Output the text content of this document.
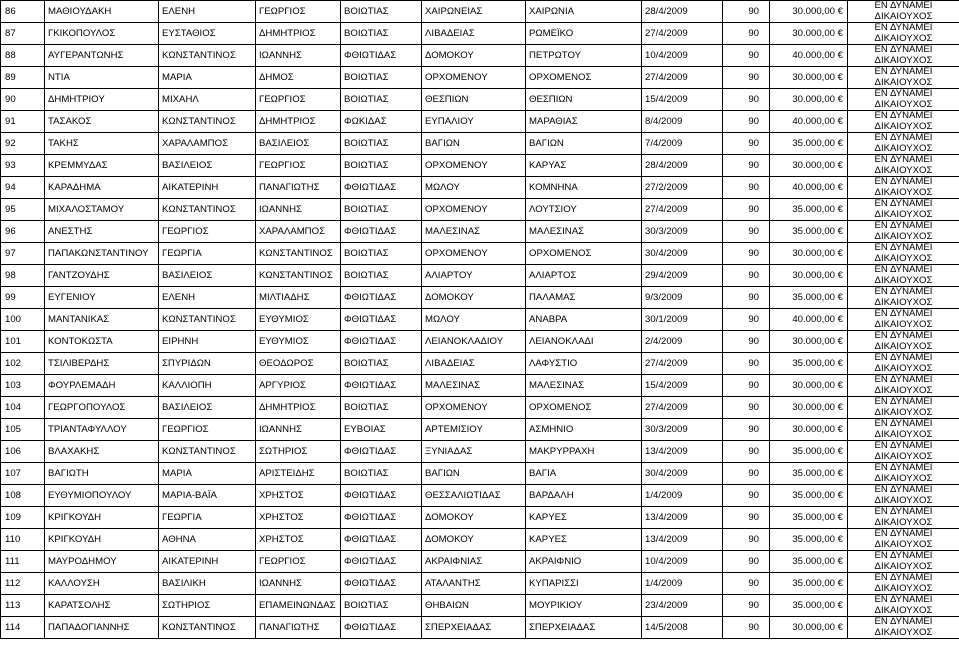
86	ΜΑΘΙΟΥΔΑΚΗ	ΕΛΕΝΗ	ΓΕΩΡΓΙΟΣ	ΒΟΙΩΤΙΑΣ	ΧΑΙΡΩΝΕΙΑΣ	ΧΑΙΡΩΝΙΑ	28/4/2009	90	30.000,00 €	ΕΝ ΔΥΝΑΜΕΙ
ΔΙΚΑΙΟΥΧΟΣ

87	ΓΚΙΚΟΠΟΥΛΟΣ	ΕΥΣΤΑΘΙΟΣ	ΔΗΜΗΤΡΙΟΣ	ΒΟΙΩΤΙΑΣ	ΛΙΒΑΔΕΙΑΣ	ΡΩΜΕΪΚΟ	27/4/2009	90	30.000,00 €	ΕΝ ΔΥΝΑΜΕΙ
ΔΙΚΑΙΟΥΧΟΣ

88	ΑΥΓΕΡΑΝΤΩΝΗΣ	ΚΩΝΣΤΑΝΤΙΝΟΣ	ΙΩΑΝΝΗΣ	ΦΘΙΩΤΙΔΑΣ	ΔΟΜΟΚΟΥ	ΠΕΤΡΩΤΟΥ	10/4/2009	90	40.000,00 €	ΕΝ ΔΥΝΑΜΕΙ
ΔΙΚΑΙΟΥΧΟΣ

89	ΝΤΙΑ	ΜΑΡΙΑ	ΔΗΜΟΣ	ΒΟΙΩΤΙΑΣ	ΟΡΧΟΜΕΝΟΥ	ΟΡΧΟΜΕΝΟΣ	27/4/2009	90	30.000,00 €	ΕΝ ΔΥΝΑΜΕΙ
ΔΙΚΑΙΟΥΧΟΣ

90	ΔΗΜΗΤΡΙΟΥ	ΜΙΧΑΗΛ	ΓΕΩΡΓΙΟΣ	ΒΟΙΩΤΙΑΣ	ΘΕΣΠΙΩΝ	ΘΕΣΠΙΩΝ	15/4/2009	90	30.000,00 €	ΕΝ ΔΥΝΑΜΕΙ
ΔΙΚΑΙΟΥΧΟΣ

91	ΤΑΣΑΚΟΣ	ΚΩΝΣΤΑΝΤΙΝΟΣ	ΔΗΜΗΤΡΙΟΣ	ΦΩΚΙΔΑΣ	ΕΥΠΑΛΙΟΥ	ΜΑΡΑΘΙΑΣ	8/4/2009	90	40.000,00 €	ΕΝ ΔΥΝΑΜΕΙ
ΔΙΚΑΙΟΥΧΟΣ

92	ΤΑΚΗΣ	ΧΑΡΑΛΑΜΠΟΣ	ΒΑΣΙΛΕΙΟΣ	ΒΟΙΩΤΙΑΣ	ΒΑΓΙΩΝ	ΒΑΓΙΩΝ	7/4/2009	90	35.000,00 €	ΕΝ ΔΥΝΑΜΕΙ
ΔΙΚΑΙΟΥΧΟΣ

93	ΚΡΕΜΜΥΔΑΣ	ΒΑΣΙΛΕΙΟΣ	ΓΕΩΡΓΙΟΣ	ΒΟΙΩΤΙΑΣ	ΟΡΧΟΜΕΝΟΥ	ΚΑΡΥΑΣ	28/4/2009	90	30.000,00 €	ΕΝ ΔΥΝΑΜΕΙ
ΔΙΚΑΙΟΥΧΟΣ

94	ΚΑΡΑΔΗΜΑ	ΑΙΚΑΤΕΡΙΝΗ	ΠΑΝΑΓΙΩΤΗΣ	ΦΘΙΩΤΙΔΑΣ	ΜΩΛΟΥ	ΚΟΜΝΗΝΑ	27/2/2009	90	40.000,00 €	ΕΝ ΔΥΝΑΜΕΙ
ΔΙΚΑΙΟΥΧΟΣ

95	ΜΙΧΑΛΟΣΤΑΜΟΥ	ΚΩΝΣΤΑΝΤΙΝΟΣ	ΙΩΑΝΝΗΣ	ΒΟΙΩΤΙΑΣ	ΟΡΧΟΜΕΝΟΥ	ΛΟΥΤΣΙΟΥ	27/4/2009	90	35.000,00 €	ΕΝ ΔΥΝΑΜΕΙ
ΔΙΚΑΙΟΥΧΟΣ

96	ΑΝΕΣΤΗΣ	ΓΕΩΡΓΙΟΣ	ΧΑΡΑΛΑΜΠΟΣ	ΦΘΙΩΤΙΔΑΣ	ΜΑΛΕΣΙΝΑΣ	ΜΑΛΕΣΙΝΑΣ	30/3/2009	90	35.000,00 €	ΕΝ ΔΥΝΑΜΕΙ
ΔΙΚΑΙΟΥΧΟΣ

97	ΠΑΠΑΚΩΝΣΤΑΝΤΙΝΟΥ	ΓΕΩΡΓΙΑ	ΚΩΝΣΤΑΝΤΙΝΟΣ	ΒΟΙΩΤΙΑΣ	ΟΡΧΟΜΕΝΟΥ	ΟΡΧΟΜΕΝΟΣ	30/4/2009	90	30.000,00 €	ΕΝ ΔΥΝΑΜΕΙ
ΔΙΚΑΙΟΥΧΟΣ

98	ΓΑΝΤΖΟΥΔΗΣ	ΒΑΣΙΛΕΙΟΣ	ΚΩΝΣΤΑΝΤΙΝΟΣ	ΒΟΙΩΤΙΑΣ	ΑΛΙΑΡΤΟΥ	ΑΛΙΑΡΤΟΣ	29/4/2009	90	30.000,00 €	ΕΝ ΔΥΝΑΜΕΙ
ΔΙΚΑΙΟΥΧΟΣ

99	ΕΥΓΕΝΙΟΥ	ΕΛΕΝΗ	ΜΙΛΤΙΑΔΗΣ	ΦΘΙΩΤΙΔΑΣ	ΔΟΜΟΚΟΥ	ΠΑΛΑΜΑΣ	9/3/2009	90	35.000,00 €	ΕΝ ΔΥΝΑΜΕΙ
ΔΙΚΑΙΟΥΧΟΣ

100	ΜΑΝΤΑΝΙΚΑΣ	ΚΩΝΣΤΑΝΤΙΝΟΣ	ΕΥΘΥΜΙΟΣ	ΦΘΙΩΤΙΔΑΣ	ΜΩΛΟΥ	ΑΝΑΒΡΑ	30/1/2009	90	40.000,00 €	ΕΝ ΔΥΝΑΜΕΙ
ΔΙΚΑΙΟΥΧΟΣ

101	ΚΟΝΤΟΚΩΣΤΑ	ΕΙΡΗΝΗ	ΕΥΘΥΜΙΟΣ	ΦΘΙΩΤΙΔΑΣ	ΛΕΙΑΝΟΚΛΑΔΙΟΥ	ΛΕΙΑΝΟΚΛΑΔΙ	2/4/2009	90	30.000,00 €	ΕΝ ΔΥΝΑΜΕΙ
ΔΙΚΑΙΟΥΧΟΣ

102	ΤΣΙΛΙΒΕΡΔΗΣ	ΣΠΥΡΙΔΩΝ	ΘΕΟΔΩΡΟΣ	ΒΟΙΩΤΙΑΣ	ΛΙΒΑΔΕΙΑΣ	ΛΑΦΥΣΤΙΟ	27/4/2009	90	35.000,00 €	ΕΝ ΔΥΝΑΜΕΙ
ΔΙΚΑΙΟΥΧΟΣ

103	ΦΟΥΡΛΕΜΑΔΗ	ΚΑΛΛΙΟΠΗ	ΑΡΓΥΡΙΟΣ	ΦΘΙΩΤΙΔΑΣ	ΜΑΛΕΣΙΝΑΣ	ΜΑΛΕΣΙΝΑΣ	15/4/2009	90	30.000,00 €	ΕΝ ΔΥΝΑΜΕΙ
ΔΙΚΑΙΟΥΧΟΣ

104	ΓΕΩΡΓΟΠΟΥΛΟΣ	ΒΑΣΙΛΕΙΟΣ	ΔΗΜΗΤΡΙΟΣ	ΒΟΙΩΤΙΑΣ	ΟΡΧΟΜΕΝΟΥ	ΟΡΧΟΜΕΝΟΣ	27/4/2009	90	30.000,00 €	ΕΝ ΔΥΝΑΜΕΙ
ΔΙΚΑΙΟΥΧΟΣ

105	ΤΡΙΑΝΤΑΦΥΛΛΟΥ	ΓΕΩΡΓΙΟΣ	ΙΩΑΝΝΗΣ	ΕΥΒΟΙΑΣ	ΑΡΤΕΜΙΣΙΟΥ	ΑΣΜΗΝΙΟ	30/3/2009	90	30.000,00 €	ΕΝ ΔΥΝΑΜΕΙ
ΔΙΚΑΙΟΥΧΟΣ

106	ΒΛΑΧΑΚΗΣ	ΚΩΝΣΤΑΝΤΙΝΟΣ	ΣΩΤΗΡΙΟΣ	ΦΘΙΩΤΙΔΑΣ	ΞΥΝΙΑΔΑΣ	ΜΑΚΡΥΡΡΑΧΗ	13/4/2009	90	35.000,00 €	ΕΝ ΔΥΝΑΜΕΙ
ΔΙΚΑΙΟΥΧΟΣ

107	ΒΑΓΙΩΤΗ	ΜΑΡΙΑ	ΑΡΙΣΤΕΙΔΗΣ	ΒΟΙΩΤΙΑΣ	ΒΑΓΙΩΝ	ΒΑΓΙΑ	30/4/2009	90	35.000,00 €	ΕΝ ΔΥΝΑΜΕΙ
ΔΙΚΑΙΟΥΧΟΣ

108	ΕΥΘΥΜΙΟΠΟΥΛΟΥ	ΜΑΡΙΑ-ΒΑΪΑ	ΧΡΗΣΤΟΣ	ΦΘΙΩΤΙΔΑΣ	ΘΕΣΣΑΛΙΩΤΙΔΑΣ	ΒΑΡΔΑΛΗ	1/4/2009	90	35.000,00 €	ΕΝ ΔΥΝΑΜΕΙ
ΔΙΚΑΙΟΥΧΟΣ

109	ΚΡΙΓΚΟΥΔΗ	ΓΕΩΡΓΙΑ	ΧΡΗΣΤΟΣ	ΦΘΙΩΤΙΔΑΣ	ΔΟΜΟΚΟΥ	ΚΑΡΥΕΣ	13/4/2009	90	35.000,00 €	ΕΝ ΔΥΝΑΜΕΙ
ΔΙΚΑΙΟΥΧΟΣ

110	ΚΡΙΓΚΟΥΔΗ	ΑΘΗΝΑ	ΧΡΗΣΤΟΣ	ΦΘΙΩΤΙΔΑΣ	ΔΟΜΟΚΟΥ	ΚΑΡΥΕΣ	13/4/2009	90	35.000,00 €	ΕΝ ΔΥΝΑΜΕΙ
ΔΙΚΑΙΟΥΧΟΣ

111	ΜΑΥΡΟΔΗΜΟΥ	ΑΙΚΑΤΕΡΙΝΗ	ΓΕΩΡΓΙΟΣ	ΦΘΙΩΤΙΔΑΣ	ΑΚΡΑΙΦΝΙΑΣ	ΑΚΡΑΙΦΝΙΟ	10/4/2009	90	35.000,00 €	ΕΝ ΔΥΝΑΜΕΙ
ΔΙΚΑΙΟΥΧΟΣ

112	ΚΑΛΛΟΥΣΗ	ΒΑΣΙΛΙΚΗ	ΙΩΑΝΝΗΣ	ΦΘΙΩΤΙΔΑΣ	ΑΤΑΛΑΝΤΗΣ	ΚΥΠΑΡΙΣΣΙ	1/4/2009	90	35.000,00 €	ΕΝ ΔΥΝΑΜΕΙ
ΔΙΚΑΙΟΥΧΟΣ

113	ΚΑΡΑΤΣΟΛΗΣ	ΣΩΤΗΡΙΟΣ	ΕΠΑΜΕΙΝΩΝΔΑΣ	ΒΟΙΩΤΙΑΣ	ΘΗΒΑΙΩΝ	ΜΟΥΡΙΚΙΟΥ	23/4/2009	90	35.000,00 €	ΕΝ ΔΥΝΑΜΕΙ
ΔΙΚΑΙΟΥΧΟΣ

114	ΠΑΠΑΔΟΓΙΑΝΝΗΣ	ΚΩΝΣΤΑΝΤΙΝΟΣ	ΠΑΝΑΓΙΩΤΗΣ	ΦΘΙΩΤΙΔΑΣ	ΣΠΕΡΧΕΙΑΔΑΣ	ΣΠΕΡΧΕΙΑΔΑΣ	14/5/2008	90	30.000,00 €	ΕΝ ΔΥΝΑΜΕΙ
ΔΙΚΑΙΟΥΧΟΣ
